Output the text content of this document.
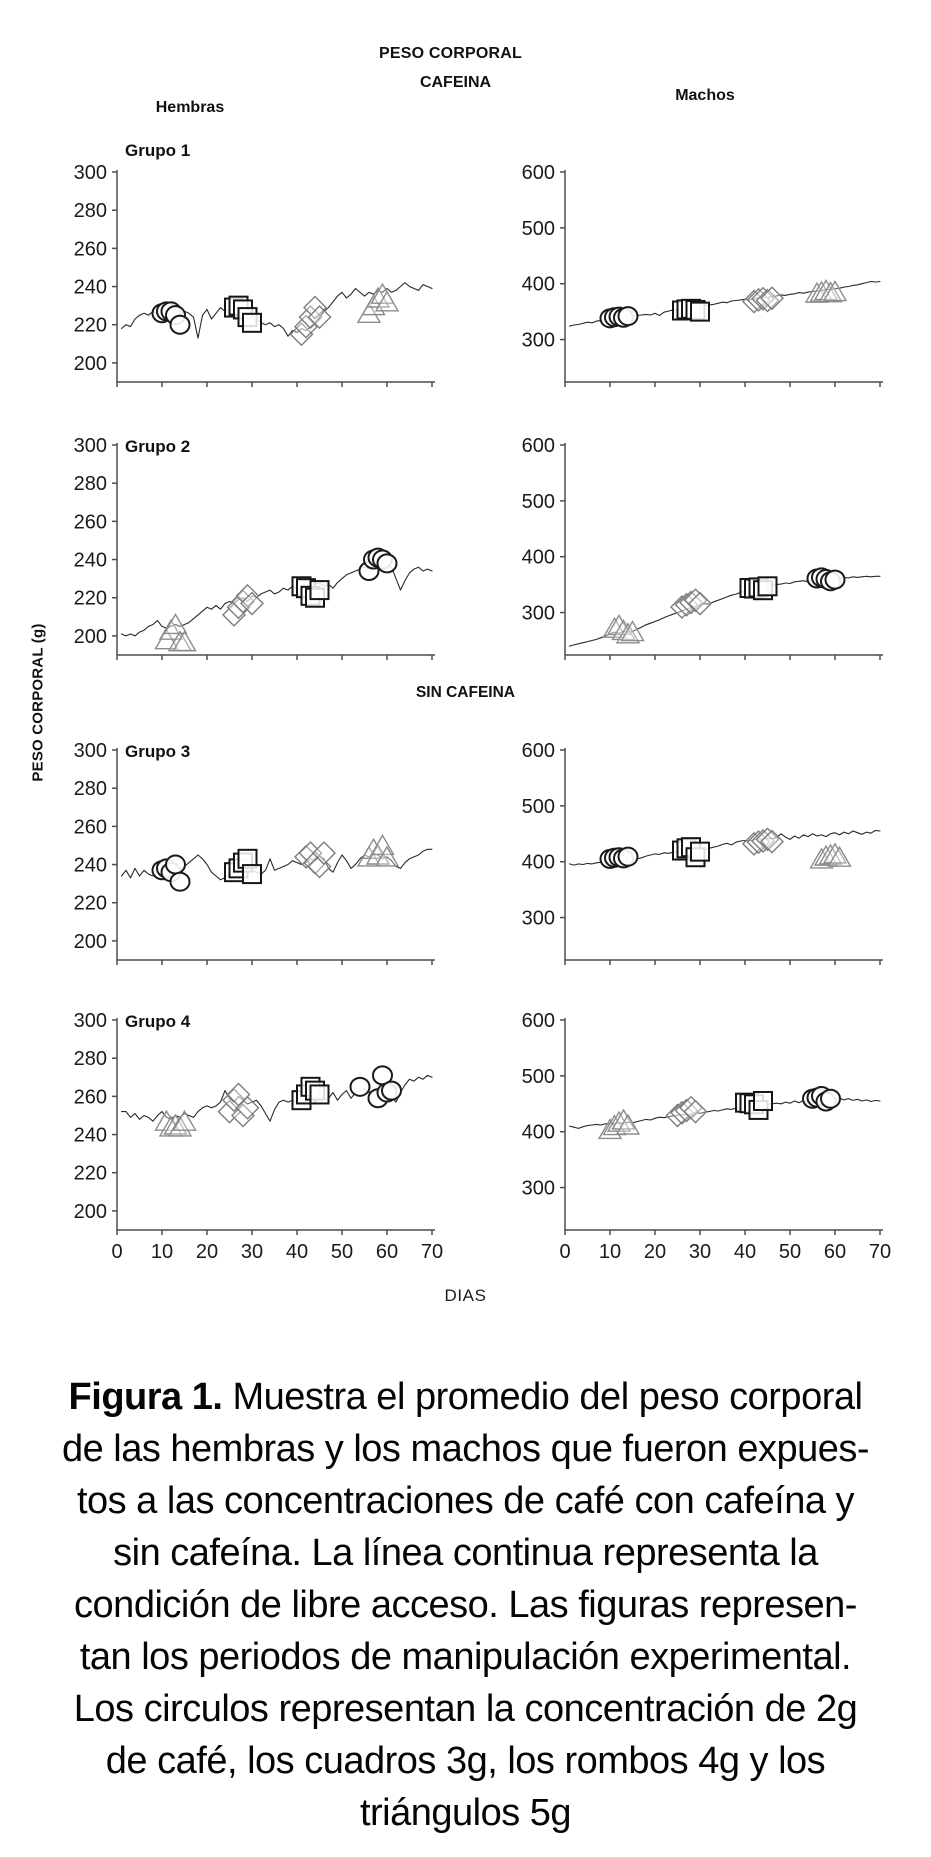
PESO CORPORAL
CAFEINA
Hembras
Machos
PESO CORPORAL (g)
Grupo 1
300
280
260
240
220
200
600
500
400
300
Grupo 2
300
280
260
240
220
200
600
500
400
300
SIN CAFEINA
Grupo 3
300
280
260
240
220
200
600
500
400
300
Grupo 4
300
280
260
240
220
200
0 10 20 30 40 50 60 70
600
500
400
300
0 10 20 30 40 50 60 70
DIAS
Figura 1. Muestra el promedio del peso corporal
de las hembras y los machos que fueron expues-
tos a las concentraciones de café con cafeína y
sin cafeína. La línea continua representa la
condición de libre acceso. Las figuras represen-
tan los periodos de manipulación experimental.
Los circulos representan la concentración de 2g
de café, los cuadros 3g, los rombos 4g y los
triángulos 5g
